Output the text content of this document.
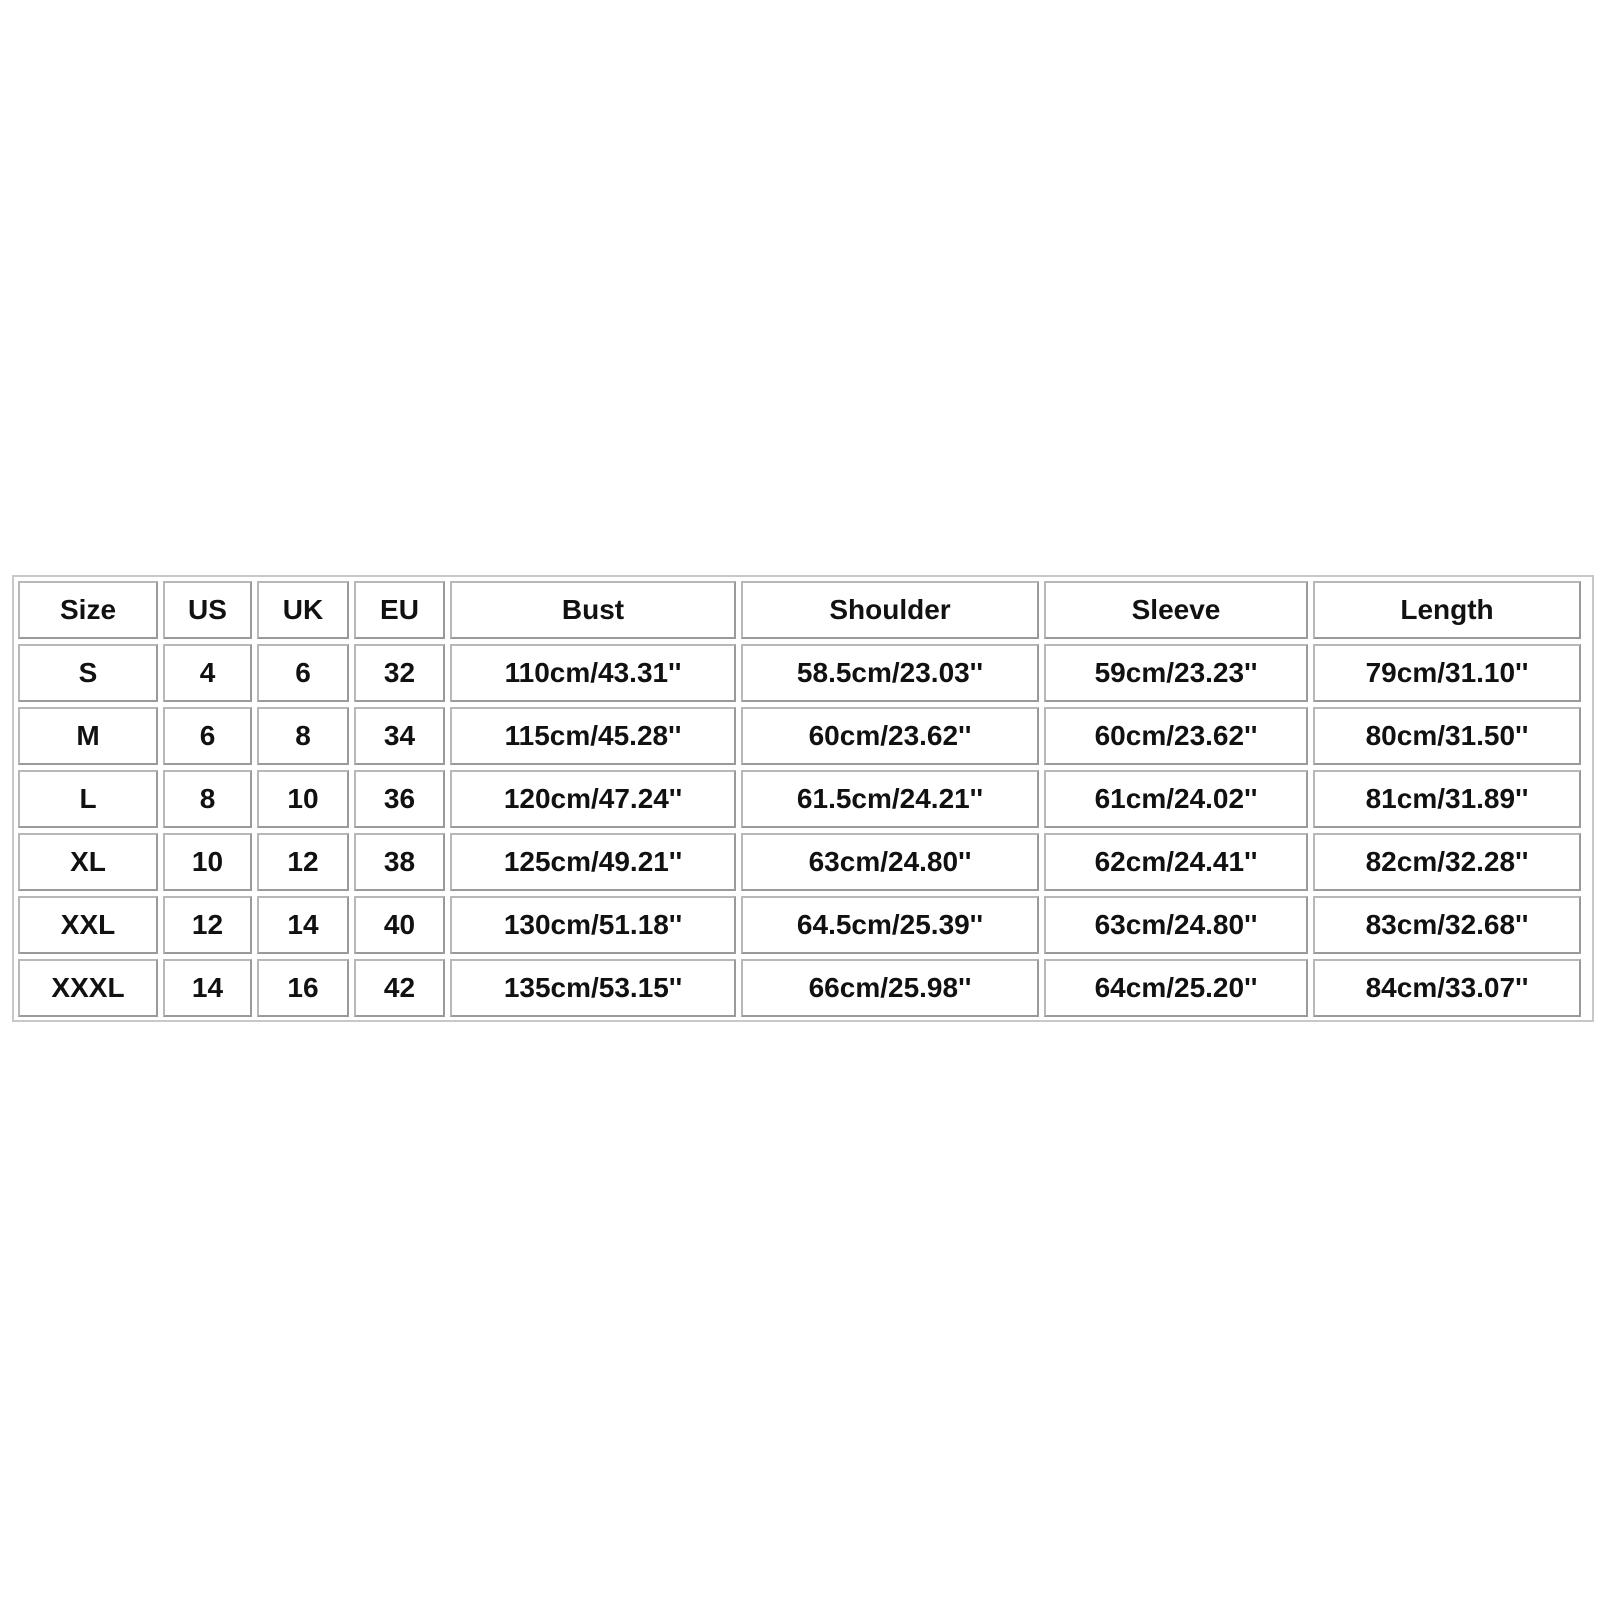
Size	US	UK	EU	Bust	Shoulder	Sleeve	Length
S	4	6	32	110cm/43.31''	58.5cm/23.03''	59cm/23.23''	79cm/31.10''
M	6	8	34	115cm/45.28''	60cm/23.62''	60cm/23.62''	80cm/31.50''
L	8	10	36	120cm/47.24''	61.5cm/24.21''	61cm/24.02''	81cm/31.89''
XL	10	12	38	125cm/49.21''	63cm/24.80''	62cm/24.41''	82cm/32.28''
XXL	12	14	40	130cm/51.18''	64.5cm/25.39''	63cm/24.80''	83cm/32.68''
XXXL	14	16	42	135cm/53.15''	66cm/25.98''	64cm/25.20''	84cm/33.07''
